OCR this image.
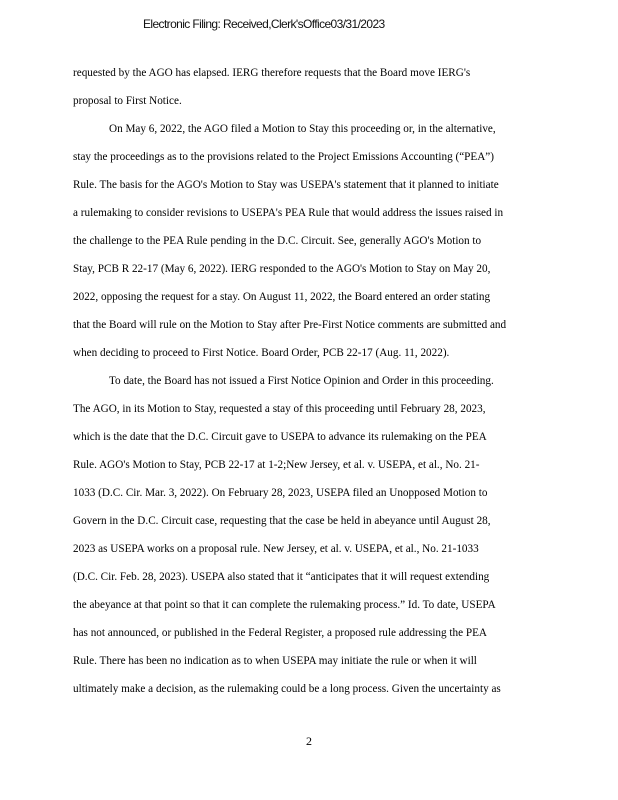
Electronic Filing: Received,Clerk'sOffice03/31/2023
requested by the AGO has elapsed. IERG therefore requests that the Board move IERG's
proposal to First Notice.
On May 6, 2022, the AGO filed a Motion to Stay this proceeding or, in the alternative,
stay the proceedings as to the provisions related to the Project Emissions Accounting (“PEA”)
Rule. The basis for the AGO's Motion to Stay was USEPA's statement that it planned to initiate
a rulemaking to consider revisions to USEPA's PEA Rule that would address the issues raised in
the challenge to the PEA Rule pending in the D.C. Circuit. See, generally AGO's Motion to
Stay, PCB R 22-17 (May 6, 2022). IERG responded to the AGO's Motion to Stay on May 20,
2022, opposing the request for a stay. On August 11, 2022, the Board entered an order stating
that the Board will rule on the Motion to Stay after Pre-First Notice comments are submitted and
when deciding to proceed to First Notice. Board Order, PCB 22-17 (Aug. 11, 2022).
To date, the Board has not issued a First Notice Opinion and Order in this proceeding.
The AGO, in its Motion to Stay, requested a stay of this proceeding until February 28, 2023,
which is the date that the D.C. Circuit gave to USEPA to advance its rulemaking on the PEA
Rule. AGO's Motion to Stay, PCB 22-17 at 1-2;New Jersey, et al. v. USEPA, et al., No. 21-
1033 (D.C. Cir. Mar. 3, 2022). On February 28, 2023, USEPA filed an Unopposed Motion to
Govern in the D.C. Circuit case, requesting that the case be held in abeyance until August 28,
2023 as USEPA works on a proposal rule. New Jersey, et al. v. USEPA, et al., No. 21-1033
(D.C. Cir. Feb. 28, 2023). USEPA also stated that it “anticipates that it will request extending
the abeyance at that point so that it can complete the rulemaking process.” Id. To date, USEPA
has not announced, or published in the Federal Register, a proposed rule addressing the PEA
Rule. There has been no indication as to when USEPA may initiate the rule or when it will
ultimately make a decision, as the rulemaking could be a long process. Given the uncertainty as
2
